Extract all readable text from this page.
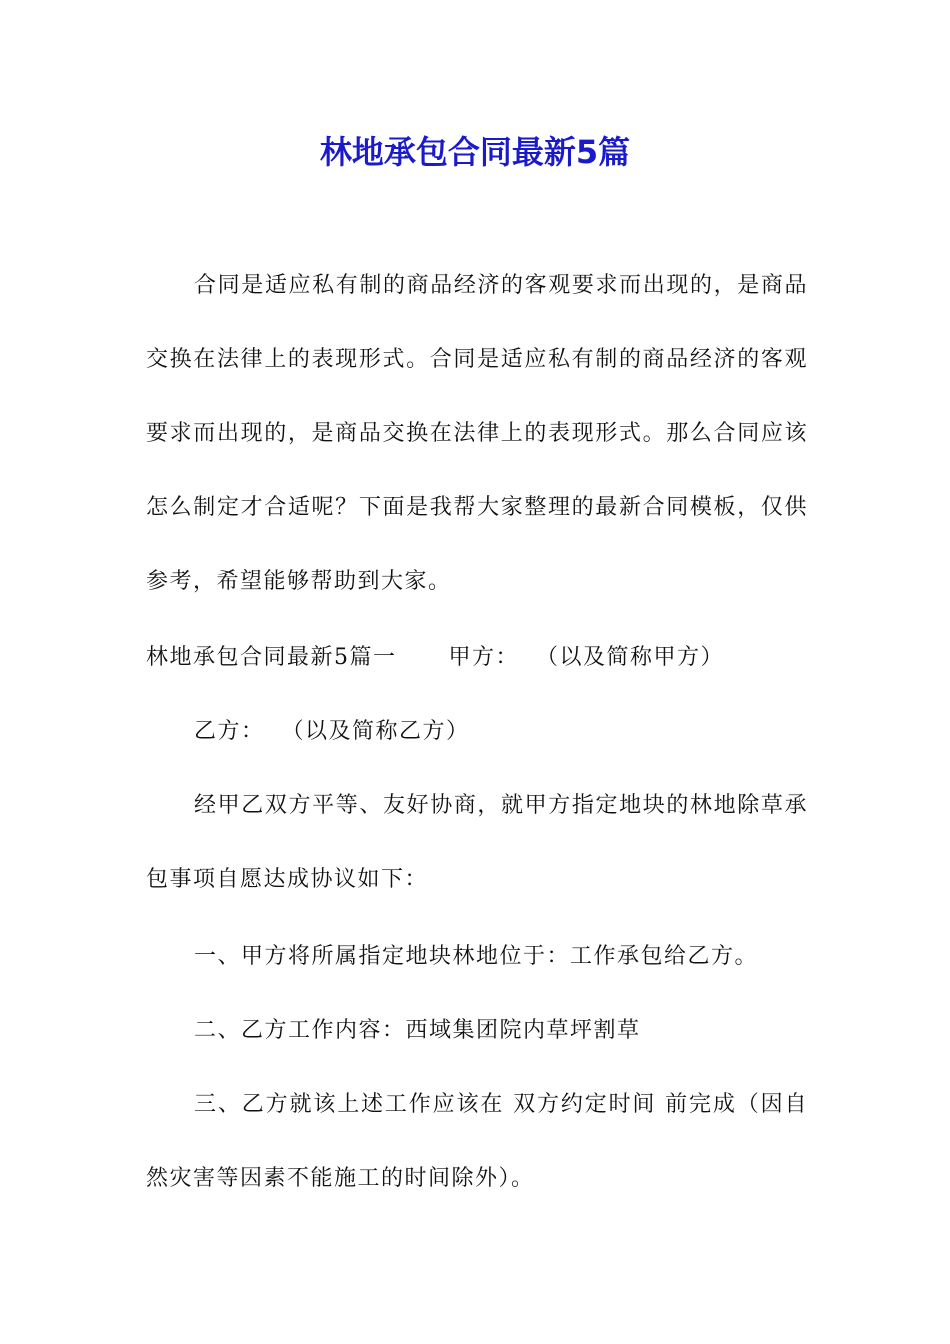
林地承包合同最新5篇

合同是适应私有制的商品经济的客观要求而出现的，是商品交换在法律上的表现形式。合同是适应私有制的商品经济的客观要求而出现的，是商品交换在法律上的表现形式。那么合同应该怎么制定才合适呢？下面是我帮大家整理的最新合同模板，仅供参考，希望能够帮助到大家。

林地承包合同最新5篇一 甲方：  （以及简称甲方）
乙方：  （以及简称乙方）

经甲乙双方平等、友好协商，就甲方指定地块的林地除草承包事项自愿达成协议如下：

一、甲方将所属指定地块林地位于：工作承包给乙方。
二、乙方工作内容：西域集团院内草坪割草

三、乙方就该上述工作应该在 双方约定时间 前完成（因自然灾害等因素不能施工的时间除外）。
